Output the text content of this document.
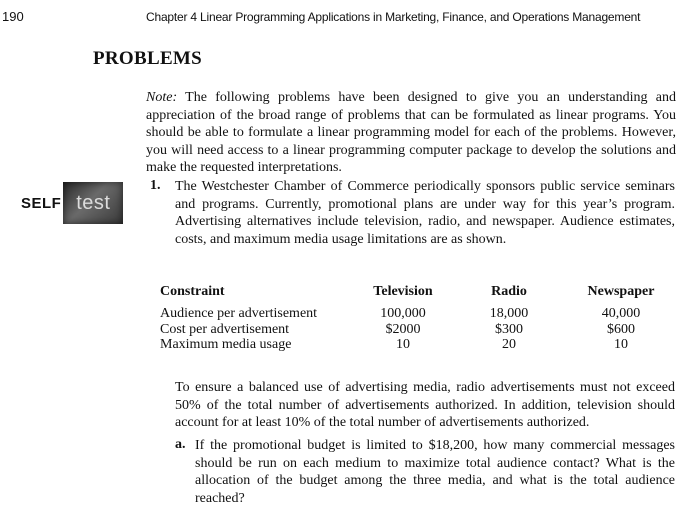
190	Chapter 4 Linear Programming Applications in Marketing, Finance, and Operations Management
PROBLEMS
Note: The following problems have been designed to give you an understanding and appreciation of the broad range of problems that can be formulated as linear programs. You should be able to formulate a linear programming model for each of the problems. However, you will need access to a linear programming computer package to develop the solutions and make the requested interpretations.
SELF test
1. The Westchester Chamber of Commerce periodically sponsors public service seminars and programs. Currently, promotional plans are under way for this year’s program. Advertising alternatives include television, radio, and newspaper. Audience estimates, costs, and maximum media usage limitations are as shown.
Constraint	Television	Radio	Newspaper
Audience per advertisement	100,000	18,000	40,000
Cost per advertisement	$2000	$300	$600
Maximum media usage	10	20	10
To ensure a balanced use of advertising media, radio advertisements must not exceed 50% of the total number of advertisements authorized. In addition, television should account for at least 10% of the total number of advertisements authorized.
a. If the promotional budget is limited to $18,200, how many commercial messages should be run on each medium to maximize total audience contact? What is the allocation of the budget among the three media, and what is the total audience reached?
